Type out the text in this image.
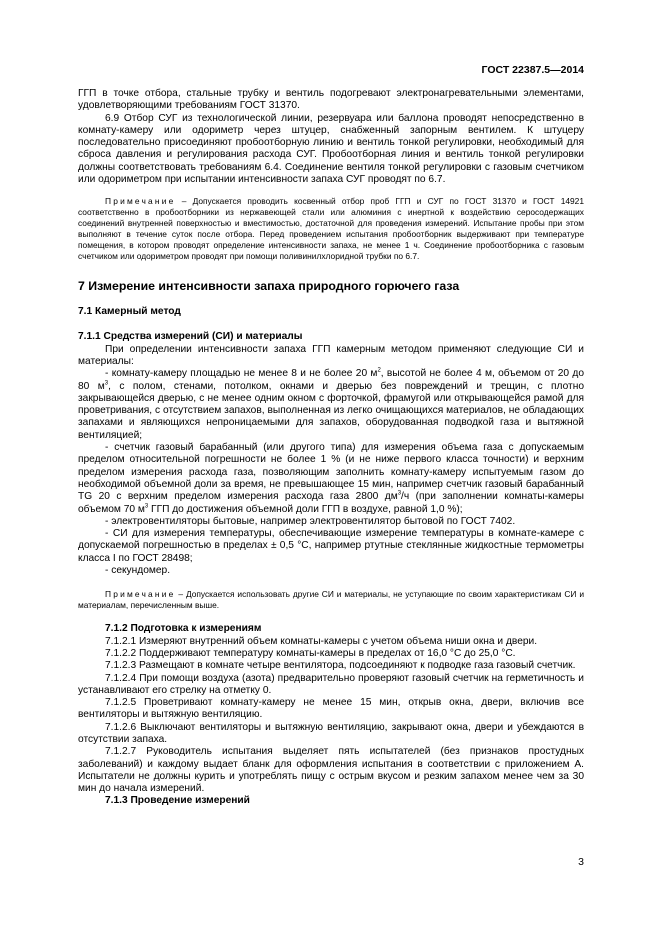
ГОСТ 22387.5—2014

ГГП в точке отбора, стальные трубку и вентиль подогревают электронагревательными элементами, удовлетворяющими требованиям ГОСТ 31370.

6.9 Отбор СУГ из технологической линии, резервуара или баллона проводят непосредственно в комнату-камеру или одориметр через штуцер, снабженный запорным вентилем. К штуцеру последовательно присоединяют пробоотборную линию и вентиль тонкой регулировки, необходимый для сброса давления и регулирования расхода СУГ. Пробоотборная линия и вентиль тонкой регулировки должны соответствовать требованиям 6.4. Соединение вентиля тонкой регулировки с газовым счетчиком или одориметром при испытании интенсивности запаха СУГ проводят по 6.7.

Примечание – Допускается проводить косвенный отбор проб ГГП и СУГ по ГОСТ 31370 и ГОСТ 14921 соответственно в пробоотборники из нержавеющей стали или алюминия с инертной к воздействию серосодержащих соединений внутренней поверхностью и вместимостью, достаточной для проведения измерений. Испытание пробы при этом выполняют в течение суток после отбора. Перед проведением испытания пробоотборник выдерживают при температуре помещения, в котором проводят определение интенсивности запаха, не менее 1 ч. Соединение пробоотборника с газовым счетчиком или одориметром проводят при помощи поливинилхлоридной трубки по 6.7.

7 Измерение интенсивности запаха природного горючего газа
7.1 Камерный метод
7.1.1 Средства измерений (СИ) и материалы

При определении интенсивности запаха ГГП камерным методом применяют следующие СИ и материалы:

- комнату-камеру площадью не менее 8 и не более 20 $м^2$, высотой не более 4 м, объемом от 20 до 80 $м^3$, с полом, стенами, потолком, окнами и дверью без повреждений и трещин, с плотно закрывающейся дверью, с не менее одним окном с форточкой, фрамугой или открывающейся рамой для проветривания, с отсутствием запахов, выполненная из легко очищающихся материалов, не обладающих запахами и являющихся непроницаемыми для запахов, оборудованная подводкой газа и вытяжной вентиляцией;

- счетчик газовый барабанный (или другого типа) для измерения объема газа с допускаемым пределом относительной погрешности не более 1 % (и не ниже первого класса точности) и верхним пределом измерения расхода газа, позволяющим заполнить комнату-камеру испытуемым газом до необходимой объемной доли за время, не превышающее 15 мин, например счетчик газовый барабанный TG 20 с верхним пределом измерения расхода газа 2800 $дм^3/ч$ (при заполнении комнаты-камеры объемом 70 $м^3$ ГГП до достижения объемной доли ГГП в воздухе, равной 1,0 %);

- электровентиляторы бытовые, например электровентилятор бытовой по ГОСТ 7402.

- СИ для измерения температуры, обеспечивающие измерение температуры в комнате-камере с допускаемой погрешностью в пределах ± 0,5 °С, например ртутные стеклянные жидкостные термометры класса I по ГОСТ 28498;

- секундомер.

Примечание – Допускается использовать другие СИ и материалы, не уступающие по своим характеристикам СИ и материалам, перечисленным выше.

7.1.2 Подготовка к измерениям

7.1.2.1 Измеряют внутренний объем комнаты-камеры с учетом объема ниши окна и двери.

7.1.2.2 Поддерживают температуру комнаты-камеры в пределах от 16,0 °С до 25,0 °С.

7.1.2.3 Размещают в комнате четыре вентилятора, подсоединяют к подводке газа газовый счетчик.

7.1.2.4 При помощи воздуха (азота) предварительно проверяют газовый счетчик на герметичность и устанавливают его стрелку на отметку 0.

7.1.2.5 Проветривают комнату-камеру не менее 15 мин, открыв окна, двери, включив все вентиляторы и вытяжную вентиляцию.

7.1.2.6 Выключают вентиляторы и вытяжную вентиляцию, закрывают окна, двери и убеждаются в отсутствии запаха.

7.1.2.7 Руководитель испытания выделяет пять испытателей (без признаков простудных заболеваний) и каждому выдает бланк для оформления испытания в соответствии с приложением А. Испытатели не должны курить и употреблять пищу с острым вкусом и резким запахом менее чем за 30 мин до начала измерений.

7.1.3 Проведение измерений
3
